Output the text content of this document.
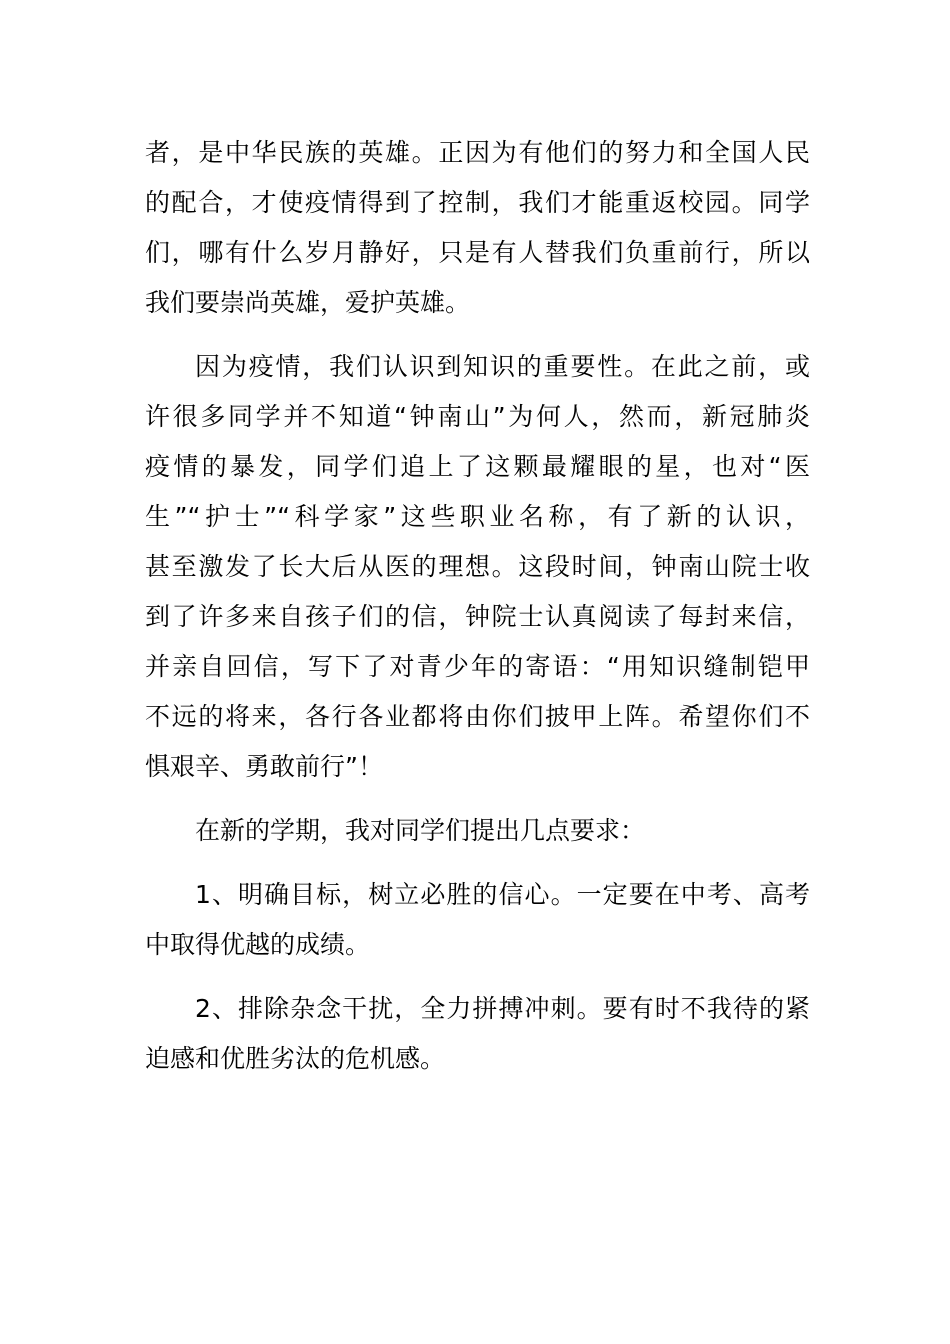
者，是中华民族的英雄。正因为有他们的努力和全国人民
的配合，才使疫情得到了控制，我们才能重返校园。同学
们，哪有什么岁月静好，只是有人替我们负重前行，所以
我们要崇尚英雄，爱护英雄。

因为疫情，我们认识到知识的重要性。在此之前，或
许很多同学并不知道“钟南山”为何人，然而，新冠肺炎
疫情的暴发，同学们追上了这颗最耀眼的星，也对“医
生”“护士”“科学家”这些职业名称，有了新的认识，
甚至激发了长大后从医的理想。这段时间，钟南山院士收
到了许多来自孩子们的信，钟院士认真阅读了每封来信，
并亲自回信，写下了对青少年的寄语：“用知识缝制铠甲
不远的将来，各行各业都将由你们披甲上阵。希望你们不
惧艰辛、勇敢前行”！

在新的学期，我对同学们提出几点要求：

1、明确目标，树立必胜的信心。一定要在中考、高考
中取得优越的成绩。

2、排除杂念干扰，全力拼搏冲刺。要有时不我待的紧
迫感和优胜劣汰的危机感。
